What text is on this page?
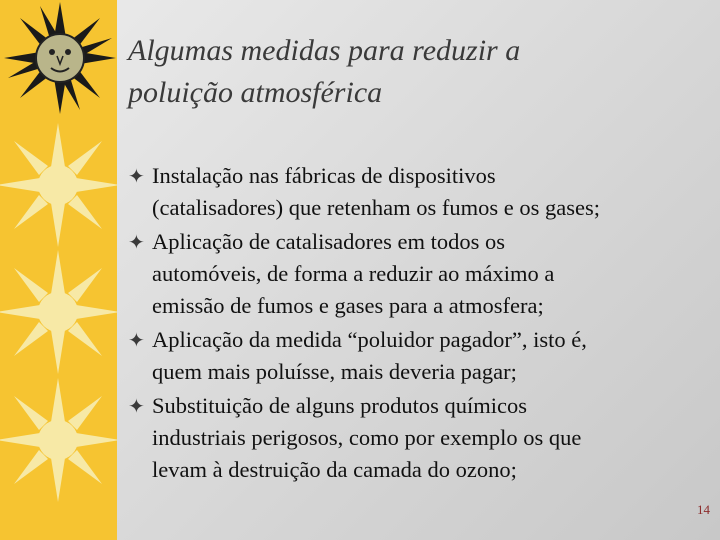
Algumas medidas para reduzir a
poluição atmosférica
✦ Instalação nas fábricas de dispositivos
(catalisadores) que retenham os fumos e os gases;
✦ Aplicação de catalisadores em todos os
automóveis, de forma a reduzir ao máximo a
emissão de fumos e gases para a atmosfera;
✦ Aplicação da medida “poluidor pagador”, isto é,
quem mais poluísse, mais deveria pagar;
✦ Substituição de alguns produtos químicos
industriais perigosos, como por exemplo os que
levam à destruição da camada do ozono;
14
